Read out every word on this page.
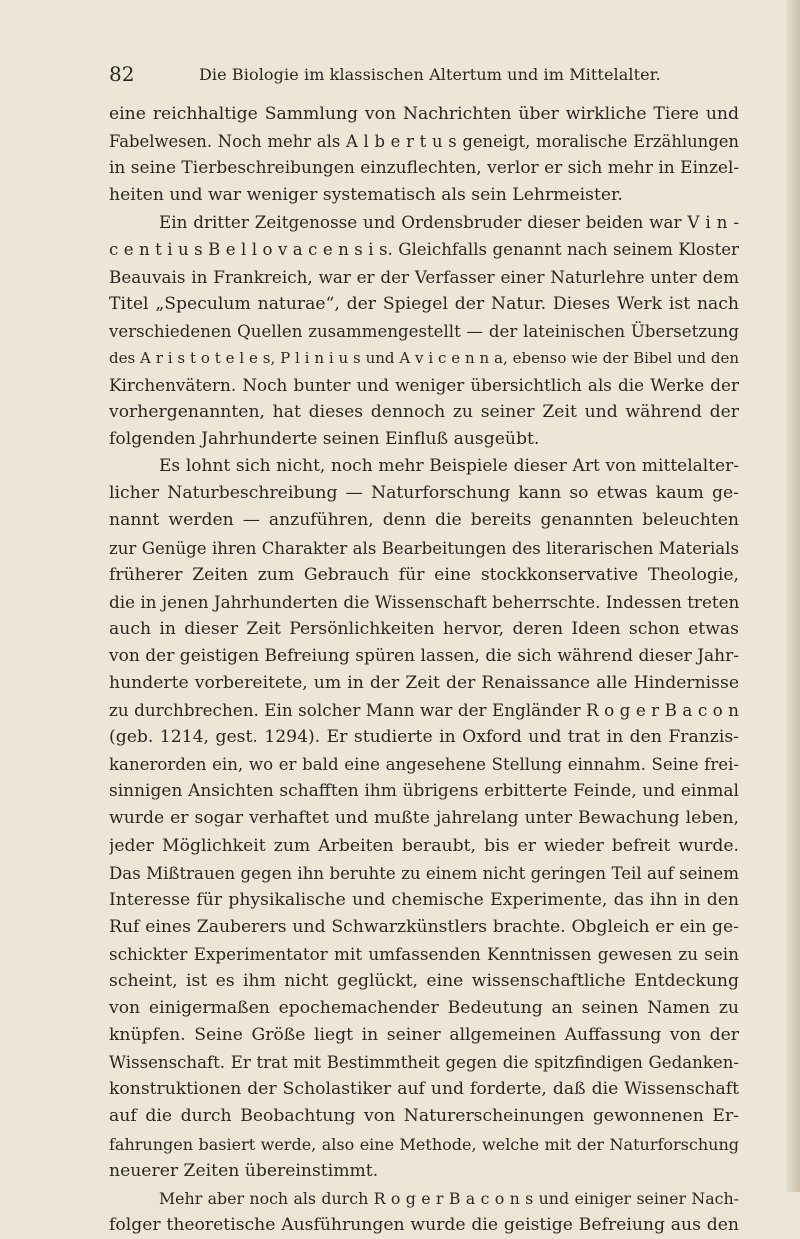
82	Die Biologie im klassischen Altertum und im Mittelalter.
eine reichhaltige Sammlung von Nachrichten über wirkliche Tiere und
Fabelwesen. Noch mehr als A l b e r t u s geneigt, moralische Erzählungen
in seine Tierbeschreibungen einzuflechten, verlor er sich mehr in Einzel-
heiten und war weniger systematisch als sein Lehrmeister.
Ein dritter Zeitgenosse und Ordensbruder dieser beiden war V i n -
c e n t i u s B e l l o v a c e n s i s. Gleichfalls genannt nach seinem Kloster
Beauvais in Frankreich, war er der Verfasser einer Naturlehre unter dem
Titel „Speculum naturae“, der Spiegel der Natur. Dieses Werk ist nach
verschiedenen Quellen zusammengestellt — der lateinischen Übersetzung
des A r i s t o t e l e s, P l i n i u s und A v i c e n n a, ebenso wie der Bibel und den
Kirchenvätern. Noch bunter und weniger übersichtlich als die Werke der
vorhergenannten, hat dieses dennoch zu seiner Zeit und während der
folgenden Jahrhunderte seinen Einfluß ausgeübt.
Es lohnt sich nicht, noch mehr Beispiele dieser Art von mittelalter-
licher Naturbeschreibung — Naturforschung kann so etwas kaum ge-
nannt werden — anzuführen, denn die bereits genannten beleuchten
zur Genüge ihren Charakter als Bearbeitungen des literarischen Materials
früherer Zeiten zum Gebrauch für eine stockkonservative Theologie,
die in jenen Jahrhunderten die Wissenschaft beherrschte. Indessen treten
auch in dieser Zeit Persönlichkeiten hervor, deren Ideen schon etwas
von der geistigen Befreiung spüren lassen, die sich während dieser Jahr-
hunderte vorbereitete, um in der Zeit der Renaissance alle Hindernisse
zu durchbrechen. Ein solcher Mann war der Engländer R o g e r B a c o n
(geb. 1214, gest. 1294). Er studierte in Oxford und trat in den Franzis-
kanerorden ein, wo er bald eine angesehene Stellung einnahm. Seine frei-
sinnigen Ansichten schafften ihm übrigens erbitterte Feinde, und einmal
wurde er sogar verhaftet und mußte jahrelang unter Bewachung leben,
jeder Möglichkeit zum Arbeiten beraubt, bis er wieder befreit wurde.
Das Mißtrauen gegen ihn beruhte zu einem nicht geringen Teil auf seinem
Interesse für physikalische und chemische Experimente, das ihn in den
Ruf eines Zauberers und Schwarzkünstlers brachte. Obgleich er ein ge-
schickter Experimentator mit umfassenden Kenntnissen gewesen zu sein
scheint, ist es ihm nicht geglückt, eine wissenschaftliche Entdeckung
von einigermaßen epochemachender Bedeutung an seinen Namen zu
knüpfen. Seine Größe liegt in seiner allgemeinen Auffassung von der
Wissenschaft. Er trat mit Bestimmtheit gegen die spitzfindigen Gedanken-
konstruktionen der Scholastiker auf und forderte, daß die Wissenschaft
auf die durch Beobachtung von Naturerscheinungen gewonnenen Er-
fahrungen basiert werde, also eine Methode, welche mit der Naturforschung
neuerer Zeiten übereinstimmt.
Mehr aber noch als durch R o g e r B a c o n s und einiger seiner Nach-
folger theoretische Ausführungen wurde die geistige Befreiung aus den
